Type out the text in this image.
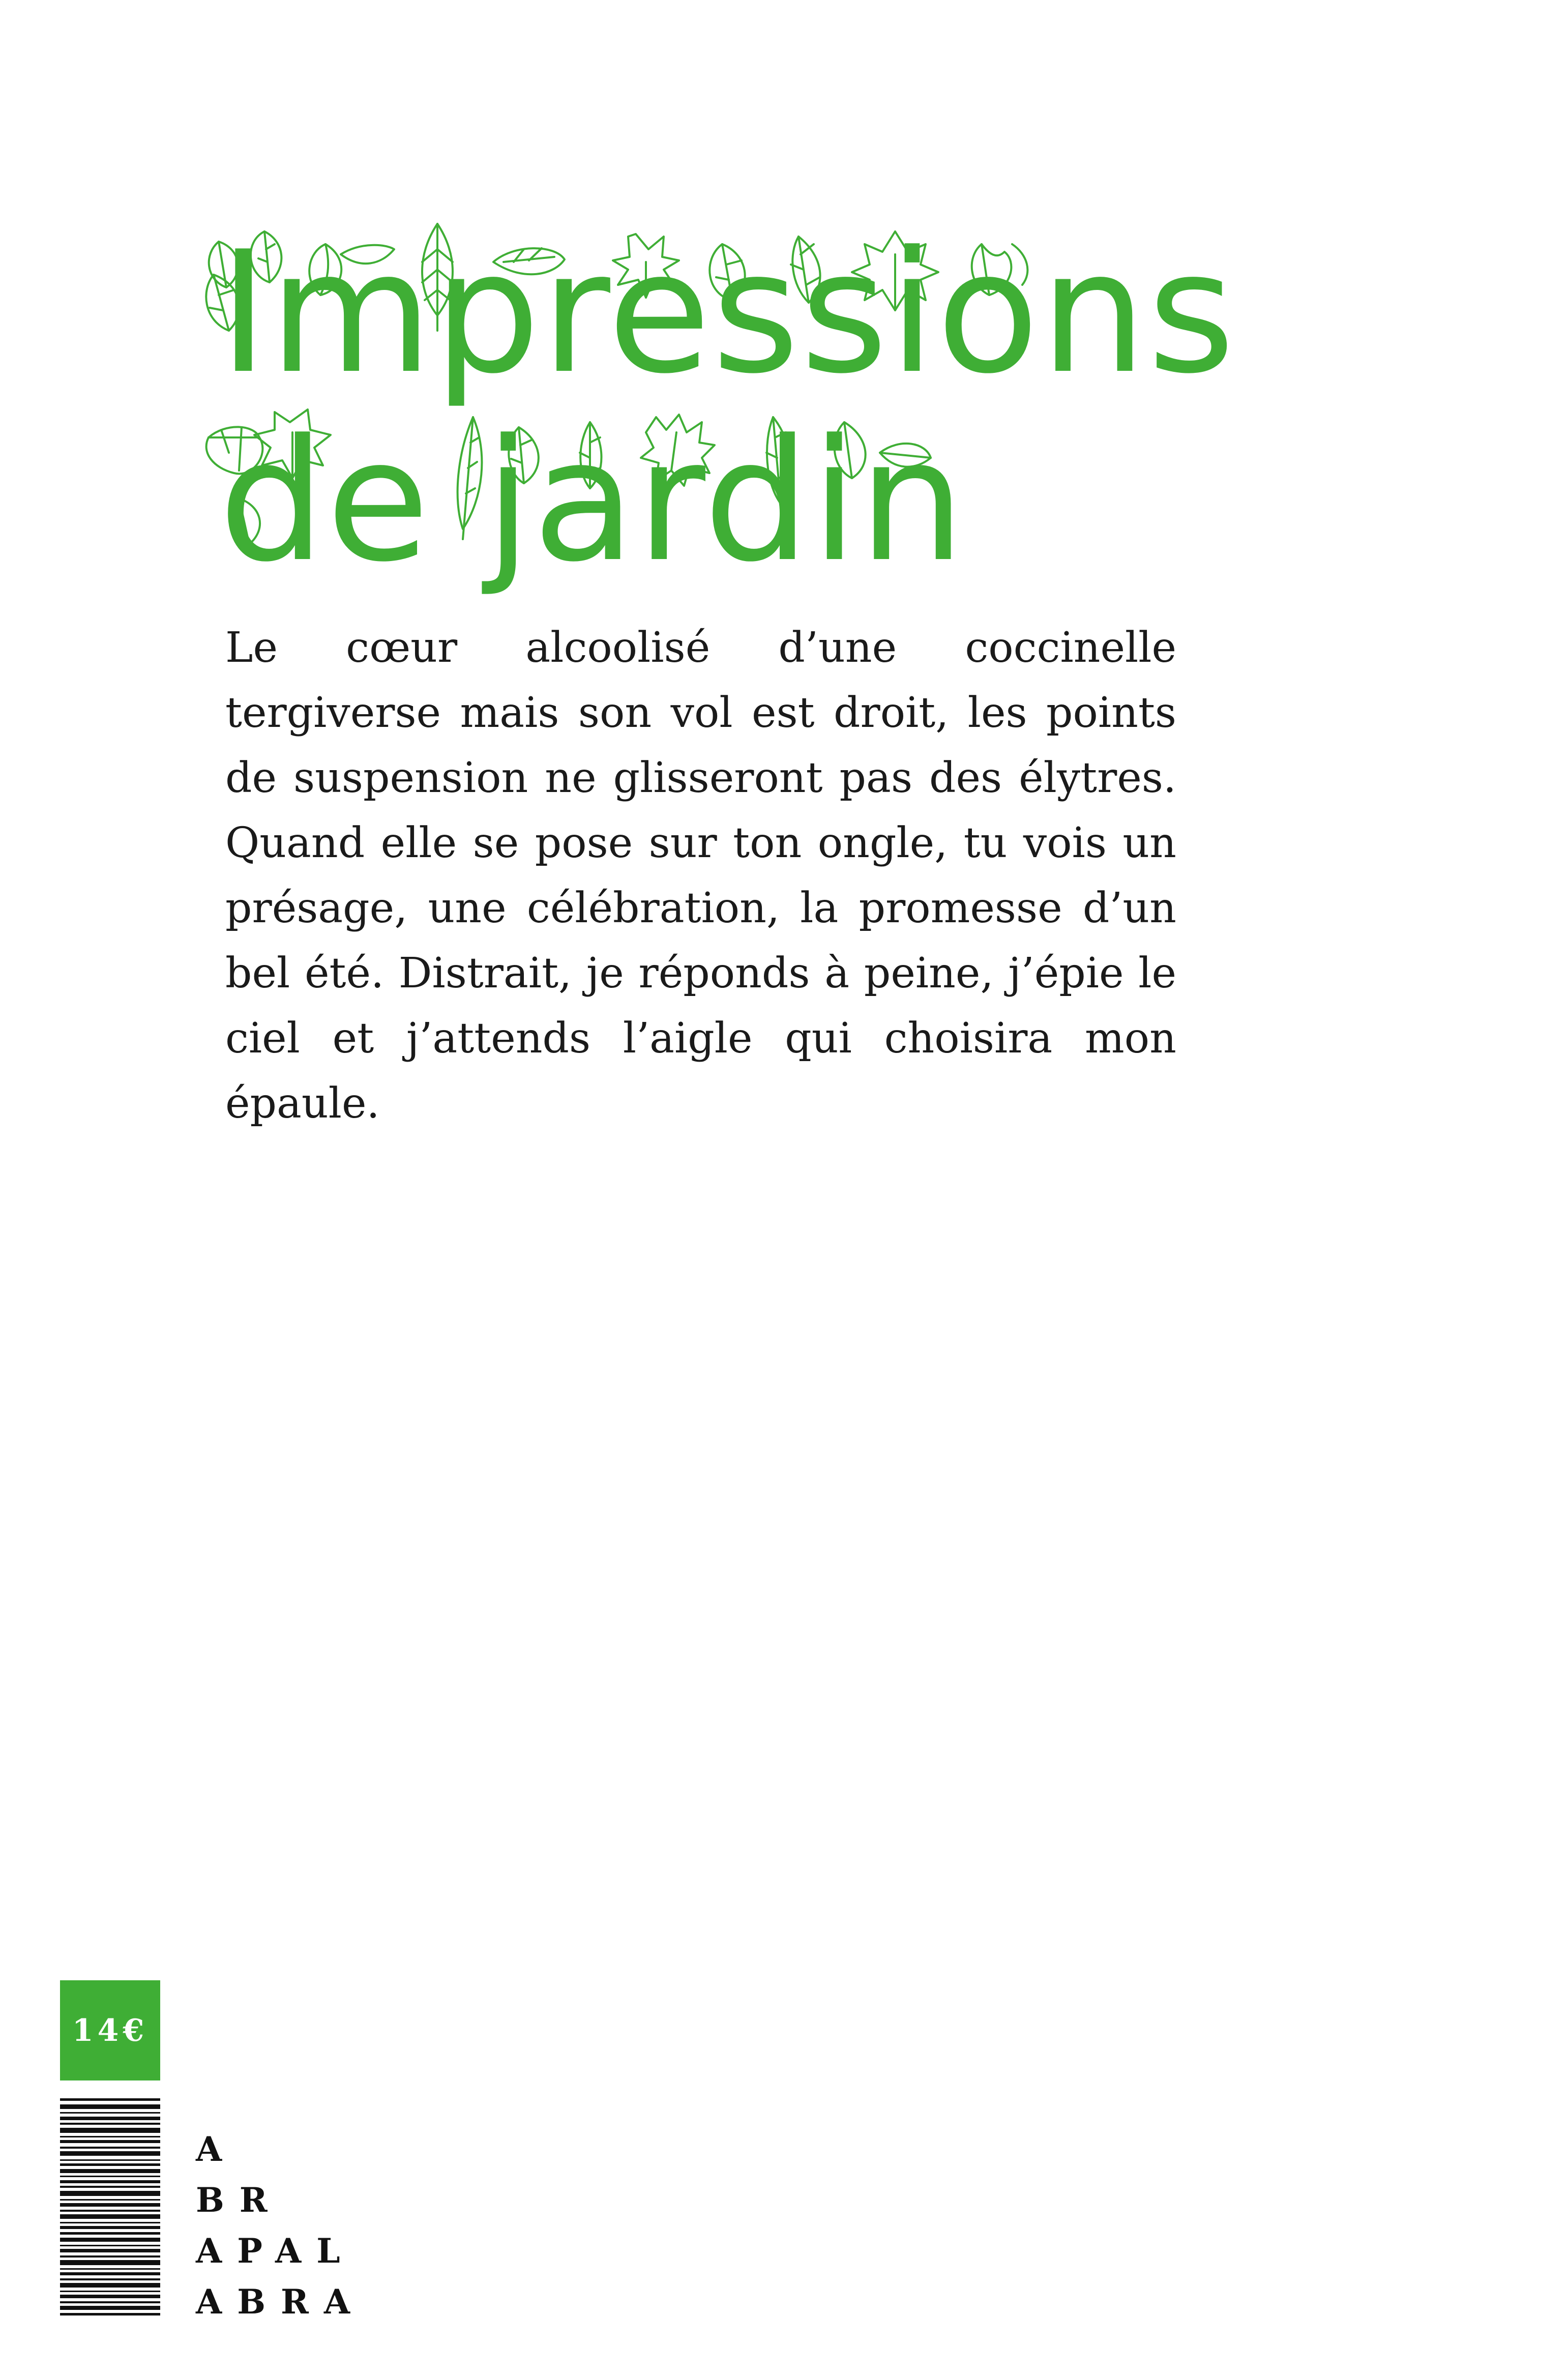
Impressions
de jardin

Le cœur alcoolisé d’une coccinelle tergiverse mais son vol est droit, les points de suspension ne glisseront pas des élytres. Quand elle se pose sur ton ongle, tu vois un présage, une célébration, la promesse d’un bel été. Distrait, je réponds à peine, j’épie le ciel et j’attends l’aigle qui choisira mon épaule.

14€
A
BR
APAL
ABRA
